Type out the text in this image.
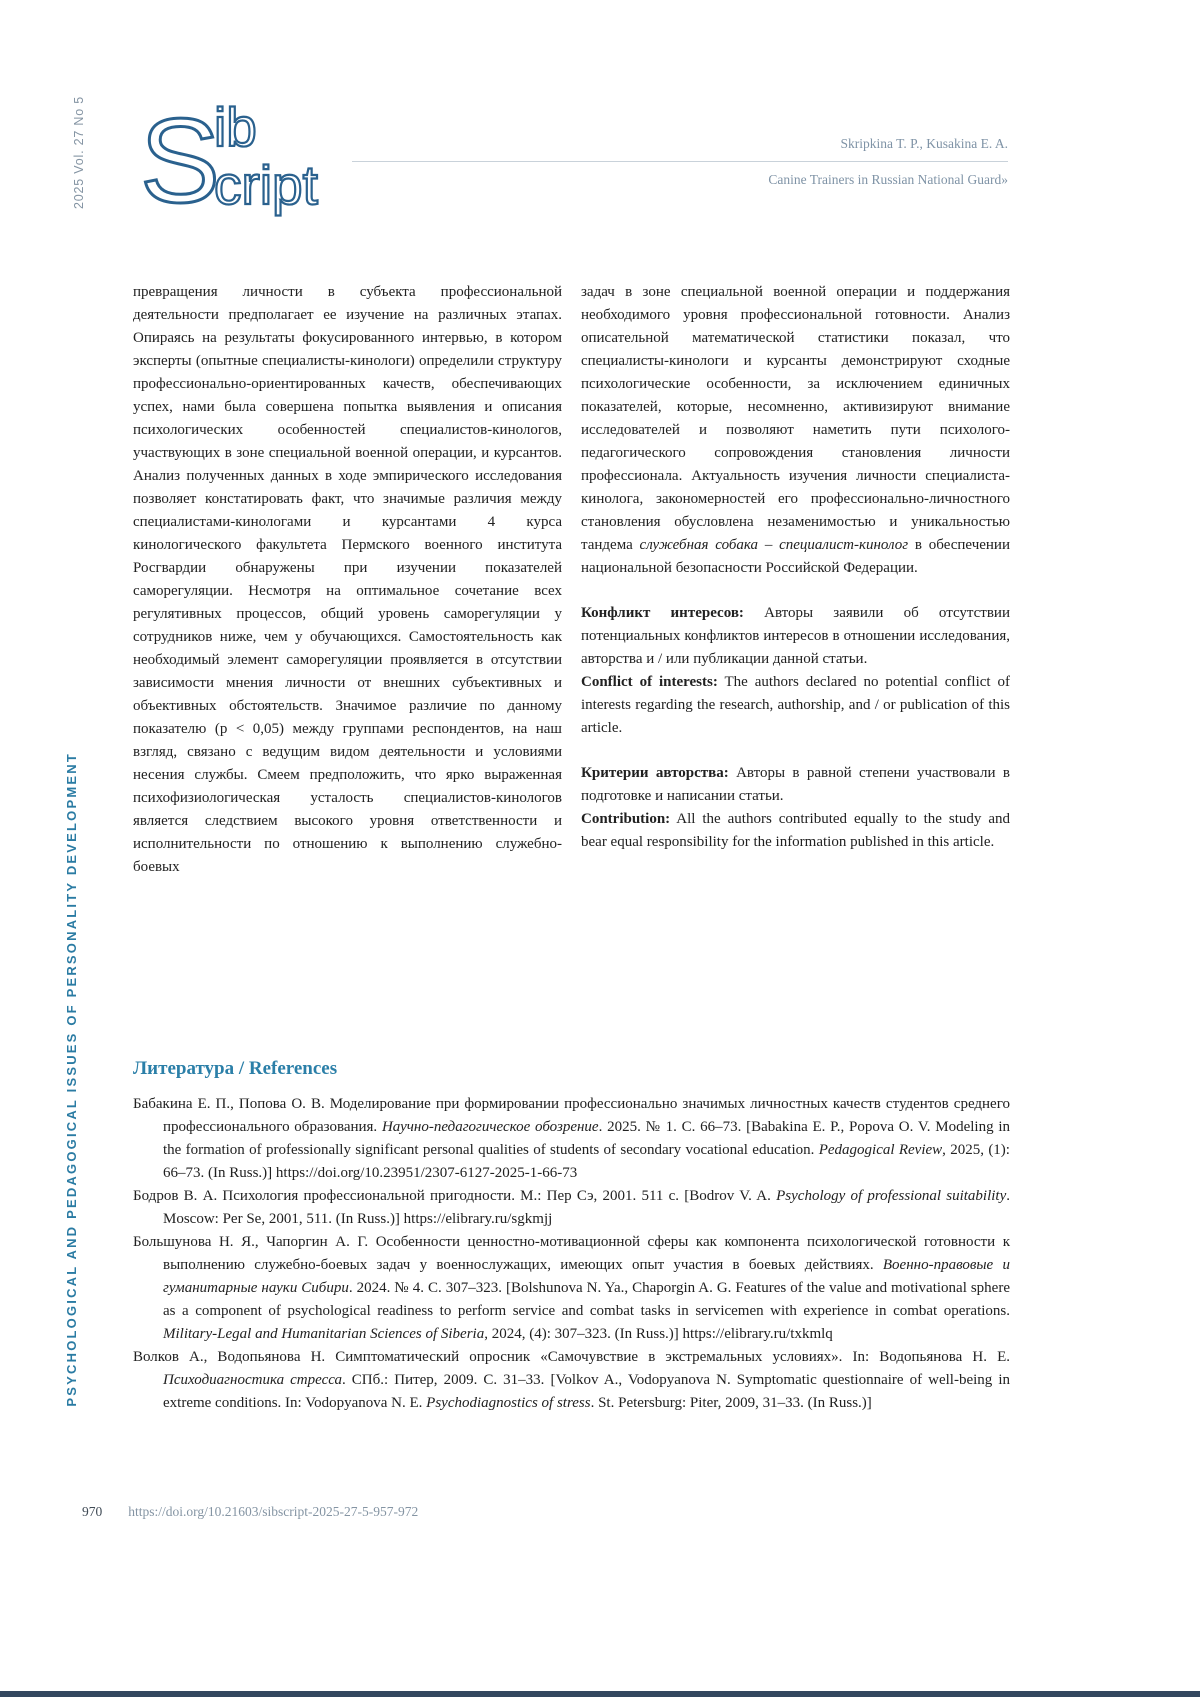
2025 Vol. 27 No 5
PSYCHOLOGICAL AND PEDAGOGICAL ISSUES OF PERSONALITY DEVELOPMENT
S
ib
cript
Skripkina T. P., Kusakina E. A.
Canine Trainers in Russian National Guard»

превращения личности в субъекта профессиональной деятельности предполагает ее изучение на различных этапах. Опираясь на результаты фокусированного интервью, в котором эксперты (опытные специалисты-кинологи) определили структуру профессионально-ориентированных качеств, обеспечивающих успех, нами была совершена попытка выявления и описания психологических особенностей специалистов-кинологов, участвующих в зоне специальной военной операции, и курсантов. Анализ полученных данных в ходе эмпирического исследования позволяет констатировать факт, что значимые различия между специалистами-кинологами и курсантами 4 курса кинологического факультета Пермского военного института Росгвардии обнаружены при изучении показателей саморегуляции. Несмотря на оптимальное сочетание всех регулятивных процессов, общий уровень саморегуляции у сотрудников ниже, чем у обучающихся. Самостоятельность как необходимый элемент саморегуляции проявляется в отсутствии зависимости мнения личности от внешних субъективных и объективных обстоятельств. Значимое различие по данному показателю (p < 0,05) между группами респондентов, на наш взгляд, связано с ведущим видом деятельности и условиями несения службы. Смеем предположить, что ярко выраженная психофизиологическая усталость специалистов-кинологов является следствием высокого уровня ответственности и исполнительности по отношению к выполнению служебно-боевых

задач в зоне специальной военной операции и поддержания необходимого уровня профессиональной готовности. Анализ описательной математической статистики показал, что специалисты-кинологи и курсанты демонстрируют сходные психологические особенности, за исключением единичных показателей, которые, несомненно, активизируют внимание исследователей и позволяют наметить пути психолого-педагогического сопровождения становления личности профессионала. Актуальность изучения личности специалиста-кинолога, закономерностей его профессионально-личностного становления обусловлена незаменимостью и уникальностью тандема служебная собака – специалист-кинолог в обеспечении национальной безопасности Российской Федерации.

Конфликт интересов: Авторы заявили об отсутствии потенциальных конфликтов интересов в отношении исследования, авторства и / или публикации данной статьи.

Conflict of interests: The authors declared no potential conflict of interests regarding the research, authorship, and / or publication of this article.

Критерии авторства: Авторы в равной степени участвовали в подготовке и написании статьи.

Contribution: All the authors contributed equally to the study and bear equal responsibility for the information published in this article.

Литература / References

Бабакина Е. П., Попова О. В. Моделирование при формировании профессионально значимых личностных качеств студентов среднего профессионального образования. Научно-педагогическое обозрение. 2025. № 1. С. 66–73. [Babakina E. P., Popova O. V. Modeling in the formation of professionally significant personal qualities of students of secondary vocational education. Pedagogical Review, 2025, (1): 66–73. (In Russ.)] https://doi.org/10.23951/2307-6127-2025-1-66-73

Бодров В. А. Психология профессиональной пригодности. М.: Пер Сэ, 2001. 511 с. [Bodrov V. A. Psychology of professional suitability. Moscow: Per Se, 2001, 511. (In Russ.)] https://elibrary.ru/sgkmjj

Большунова Н. Я., Чапоргин А. Г. Особенности ценностно-мотивационной сферы как компонента психологической готовности к выполнению служебно-боевых задач у военнослужащих, имеющих опыт участия в боевых действиях. Военно-правовые и гуманитарные науки Сибири. 2024. № 4. С. 307–323. [Bolshunova N. Ya., Chaporgin A. G. Features of the value and motivational sphere as a component of psychological readiness to perform service and combat tasks in servicemen with experience in combat operations. Military-Legal and Humanitarian Sciences of Siberia, 2024, (4): 307–323. (In Russ.)] https://elibrary.ru/txkmlq

Волков А., Водопьянова Н. Симптоматический опросник «Самочувствие в экстремальных условиях». In: Водопьянова Н. Е. Психодиагностика стресса. СПб.: Питер, 2009. С. 31–33. [Volkov A., Vodopyanova N. Symptomatic questionnaire of well-being in extreme conditions. In: Vodopyanova N. E. Psychodiagnostics of stress. St. Petersburg: Piter, 2009, 31–33. (In Russ.)]

970 https://doi.org/10.21603/sibscript-2025-27-5-957-972
